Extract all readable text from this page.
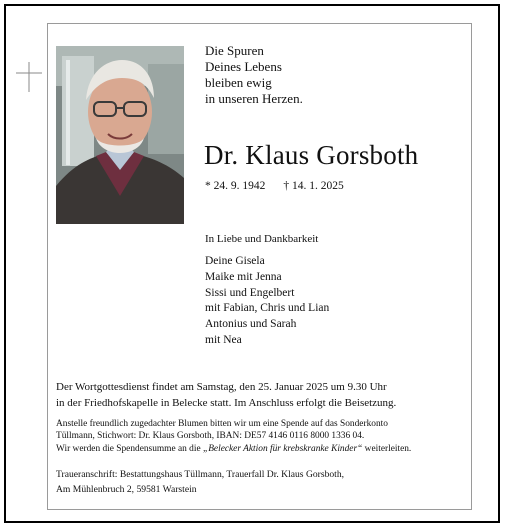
Die Spuren
Deines Lebens
bleiben ewig
in unseren Herzen.
Dr. Klaus Gorsboth
* 24. 9. 1942 † 14. 1. 2025
In Liebe und Dankbarkeit
Deine Gisela
Maike mit Jenna
Sissi und Engelbert
mit Fabian, Chris und Lian
Antonius und Sarah
mit Nea
Der Wortgottesdienst findet am Samstag, den 25. Januar 2025 um 9.30 Uhr
in der Friedhofskapelle in Belecke statt. Im Anschluss erfolgt die Beisetzung.
Anstelle freundlich zugedachter Blumen bitten wir um eine Spende auf das Sonderkonto
Tüllmann, Stichwort: Dr. Klaus Gorsboth, IBAN: DE57 4146 0116 8000 1336 04.
Wir werden die Spendensumme an die „Belecker Aktion für krebskranke Kinder“ weiterleiten.
Traueranschrift: Bestattungshaus Tüllmann, Trauerfall Dr. Klaus Gorsboth,
Am Mühlenbruch 2, 59581 Warstein
